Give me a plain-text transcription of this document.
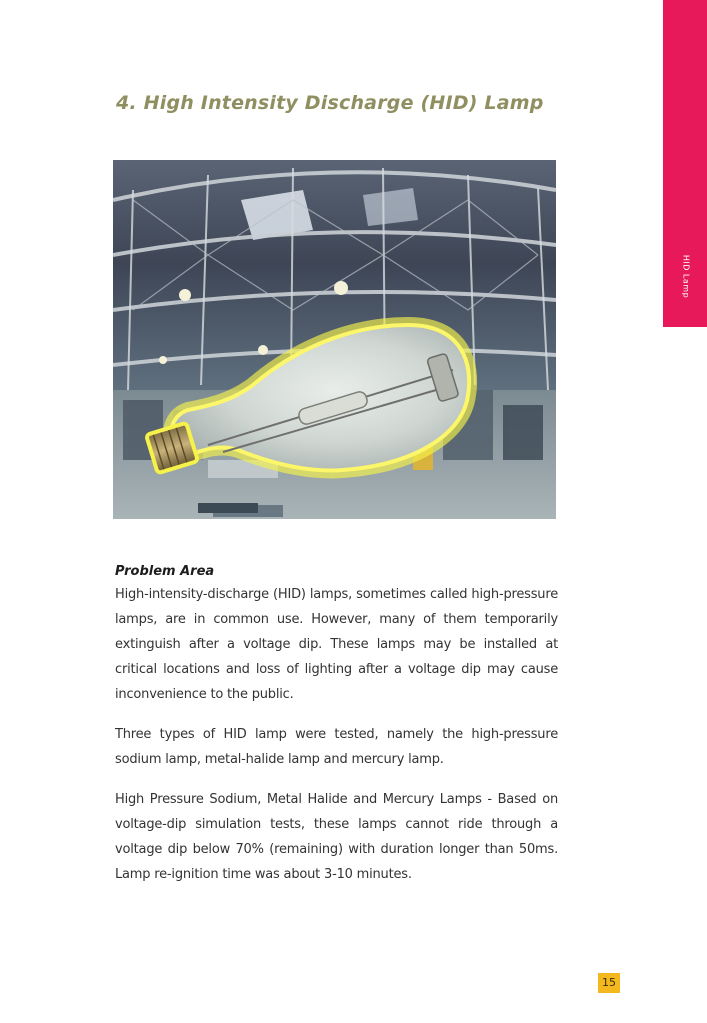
HID Lamp
4. High Intensity Discharge (HID) Lamp
Problem Area

High-intensity-discharge (HID) lamps, sometimes called high-pressure lamps, are in common use. However, many of them temporarily extinguish after a voltage dip. These lamps may be installed at critical locations and loss of lighting after a voltage dip may cause inconvenience to the public.

Three types of HID lamp were tested, namely the high-pressure sodium lamp, metal-halide lamp and mercury lamp.

High Pressure Sodium, Metal Halide and Mercury Lamps - Based on voltage-dip simulation tests, these lamps cannot ride through a voltage dip below 70% (remaining) with duration longer than 50ms. Lamp re-ignition time was about 3-10 minutes.

15
